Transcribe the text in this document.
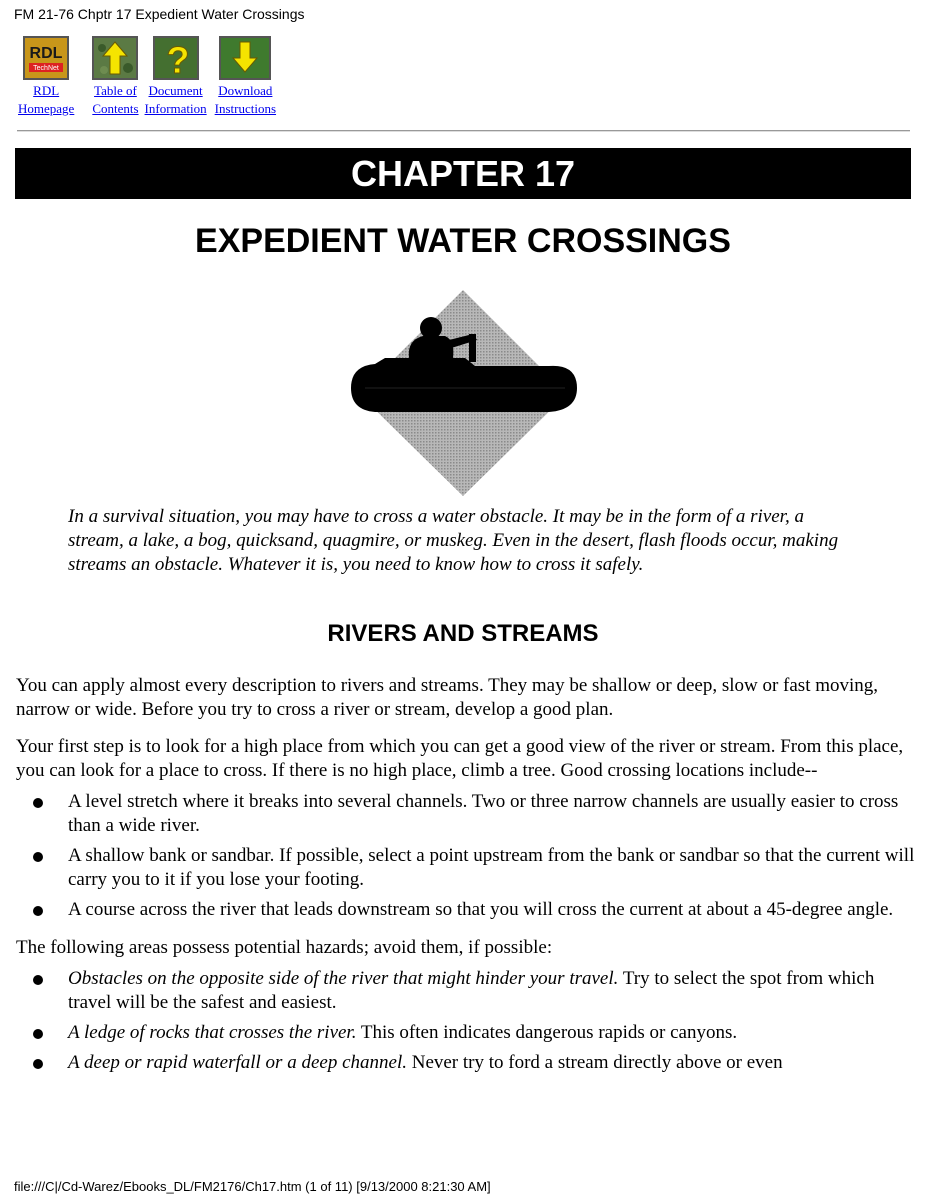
FM 21-76 Chptr 17 Expedient Water Crossings
RDL
TechNet
RDL
Homepage
Table of
Contents
?
Document
Information
Download
Instructions
CHAPTER 17
EXPEDIENT WATER CROSSINGS
In a survival situation, you may have to cross a water obstacle. It may be in the form of a river, a stream, a lake, a bog, quicksand, quagmire, or muskeg. Even in the desert, flash floods occur, making streams an obstacle. Whatever it is, you need to know how to cross it safely.
RIVERS AND STREAMS

You can apply almost every description to rivers and streams. They may be shallow or deep, slow or fast moving, narrow or wide. Before you try to cross a river or stream, develop a good plan.

Your first step is to look for a high place from which you can get a good view of the river or stream. From this place, you can look for a place to cross. If there is no high place, climb a tree. Good crossing locations include--

A level stretch where it breaks into several channels. Two or three narrow channels are usually easier to cross than a wide river.
A shallow bank or sandbar. If possible, select a point upstream from the bank or sandbar so that the current will carry you to it if you lose your footing.
A course across the river that leads downstream so that you will cross the current at about a 45-degree angle.

The following areas possess potential hazards; avoid them, if possible:

Obstacles on the opposite side of the river that might hinder your travel. Try to select the spot from which travel will be the safest and easiest.
A ledge of rocks that crosses the river. This often indicates dangerous rapids or canyons.
A deep or rapid waterfall or a deep channel. Never try to ford a stream directly above or even
file:///C|/Cd-Warez/Ebooks_DL/FM2176/Ch17.htm (1 of 11) [9/13/2000 8:21:30 AM]
